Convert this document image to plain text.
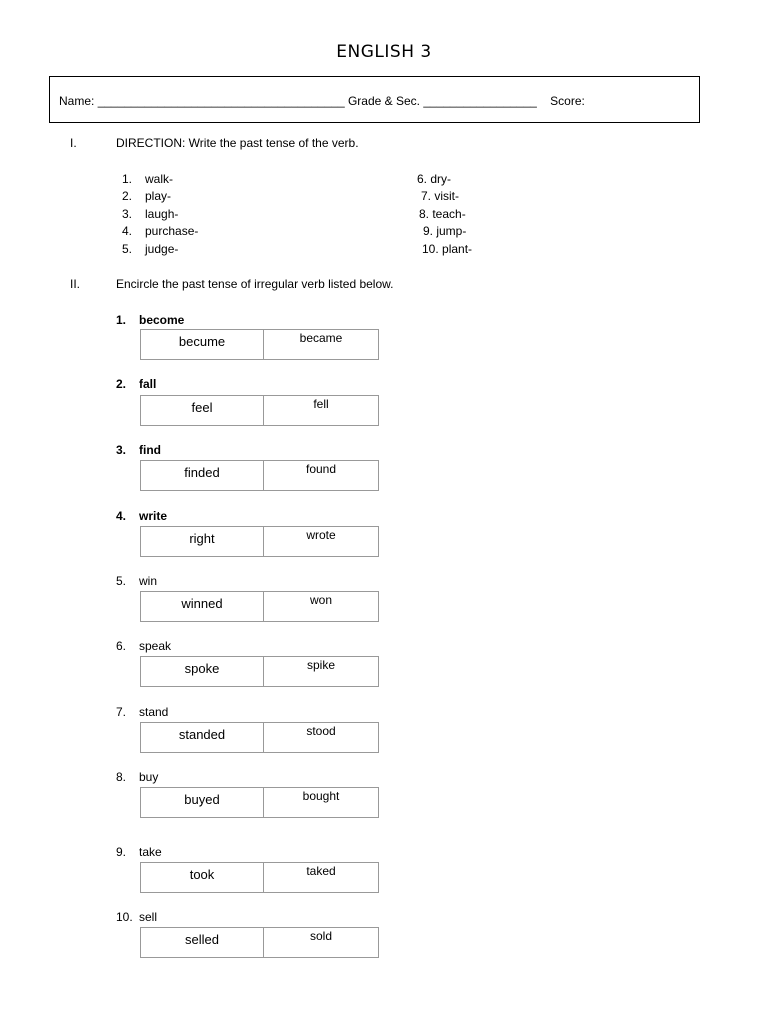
ENGLISH 3
Name: _____________________________________ Grade & Sec. _________________ Score:
I.	DIRECTION: Write the past tense of the verb.
1. walk-
2. play-
3. laugh-
4. purchase-
5. judge-
6. dry-
7. visit-
8. teach-
9. jump-
10. plant-
II.	Encircle the past tense of irregular verb listed below.
1. become
becume	became
2. fall
feel	fell
3. find
finded	found
4. write
right	wrote
5. win
winned	won
6. speak
spoke	spike
7. stand
standed	stood
8. buy
buyed	bought
9. take
took	taked
10. sell
selled	sold
